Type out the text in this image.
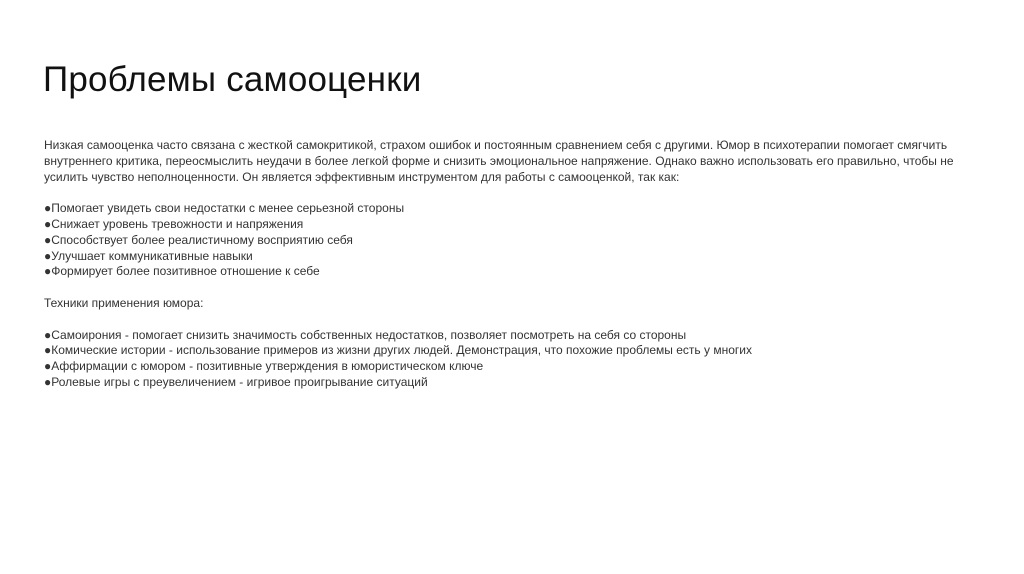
Проблемы самооценки

Низкая самооценка часто связана с жесткой самокритикой, страхом ошибок и постоянным сравнением себя с другими. Юмор в психотерапии помогает смягчить внутреннего критика, переосмыслить неудачи в более легкой форме и снизить эмоциональное напряжение. Однако важно использовать его правильно, чтобы не усилить чувство неполноценности. Он является эффективным инструментом для работы с самооценкой, так как:

●Помогает увидеть свои недостатки с менее серьезной стороны
●Снижает уровень тревожности и напряжения
●Способствует более реалистичному восприятию себя
●Улучшает коммуникативные навыки
●Формирует более позитивное отношение к себе

Техники применения юмора:

●Самоирония - помогает снизить значимость собственных недостатков, позволяет посмотреть на себя со стороны
●Комические истории - использование примеров из жизни других людей. Демонстрация, что похожие проблемы есть у многих
●Аффирмации с юмором - позитивные утверждения в юмористическом ключе
●Ролевые игры с преувеличением - игривое проигрывание ситуаций
